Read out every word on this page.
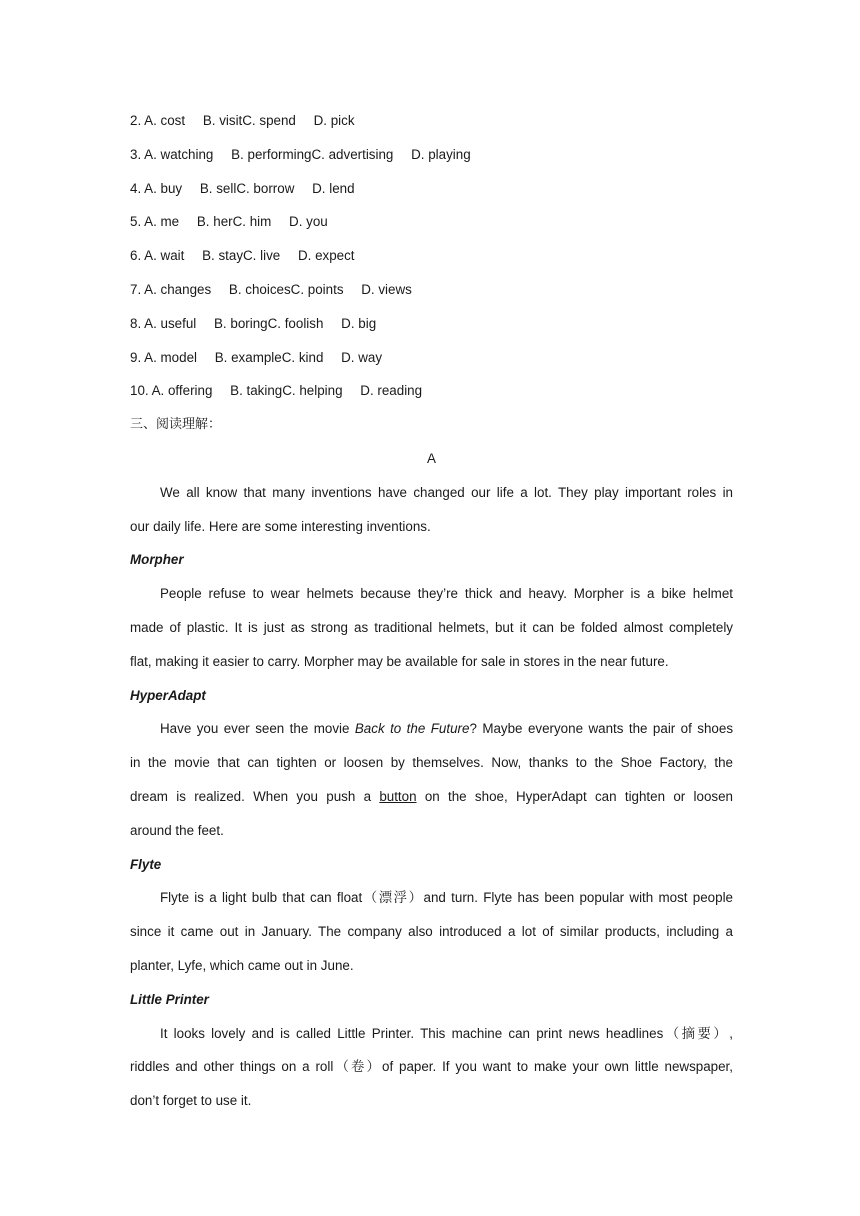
2. A. cost B. visitC. spend D. pick
3. A. watching B. performingC. advertising D. playing
4. A. buy B. sellC. borrow D. lend
5. A. me B. herC. him D. you
6. A. wait B. stayC. live D. expect
7. A. changes B. choicesC. points D. views
8. A. useful B. boringC. foolish D. big
9. A. model B. exampleC. kind D. way
10. A. offering B. takingC. helping D. reading
三、阅读理解：
A
We all know that many inventions have changed our life a lot. They play important roles in
our daily life. Here are some interesting inventions.
Morpher
People refuse to wear helmets because they’re thick and heavy. Morpher is a bike helmet
made of plastic. It is just as strong as traditional helmets, but it can be folded almost completely
flat, making it easier to carry. Morpher may be available for sale in stores in the near future.
HyperAdapt
Have you ever seen the movie Back to the Future? Maybe everyone wants the pair of shoes
in the movie that can tighten or loosen by themselves. Now, thanks to the Shoe Factory, the
dream is realized. When you push a button on the shoe, HyperAdapt can tighten or loosen
around the feet.
Flyte
Flyte is a light bulb that can float（漂浮）and turn. Flyte has been popular with most people
since it came out in January. The company also introduced a lot of similar products, including a
planter, Lyfe, which came out in June.
Little Printer
It looks lovely and is called Little Printer. This machine can print news headlines（摘要）,
riddles and other things on a roll（卷）of paper. If you want to make your own little newspaper,
don’t forget to use it.
